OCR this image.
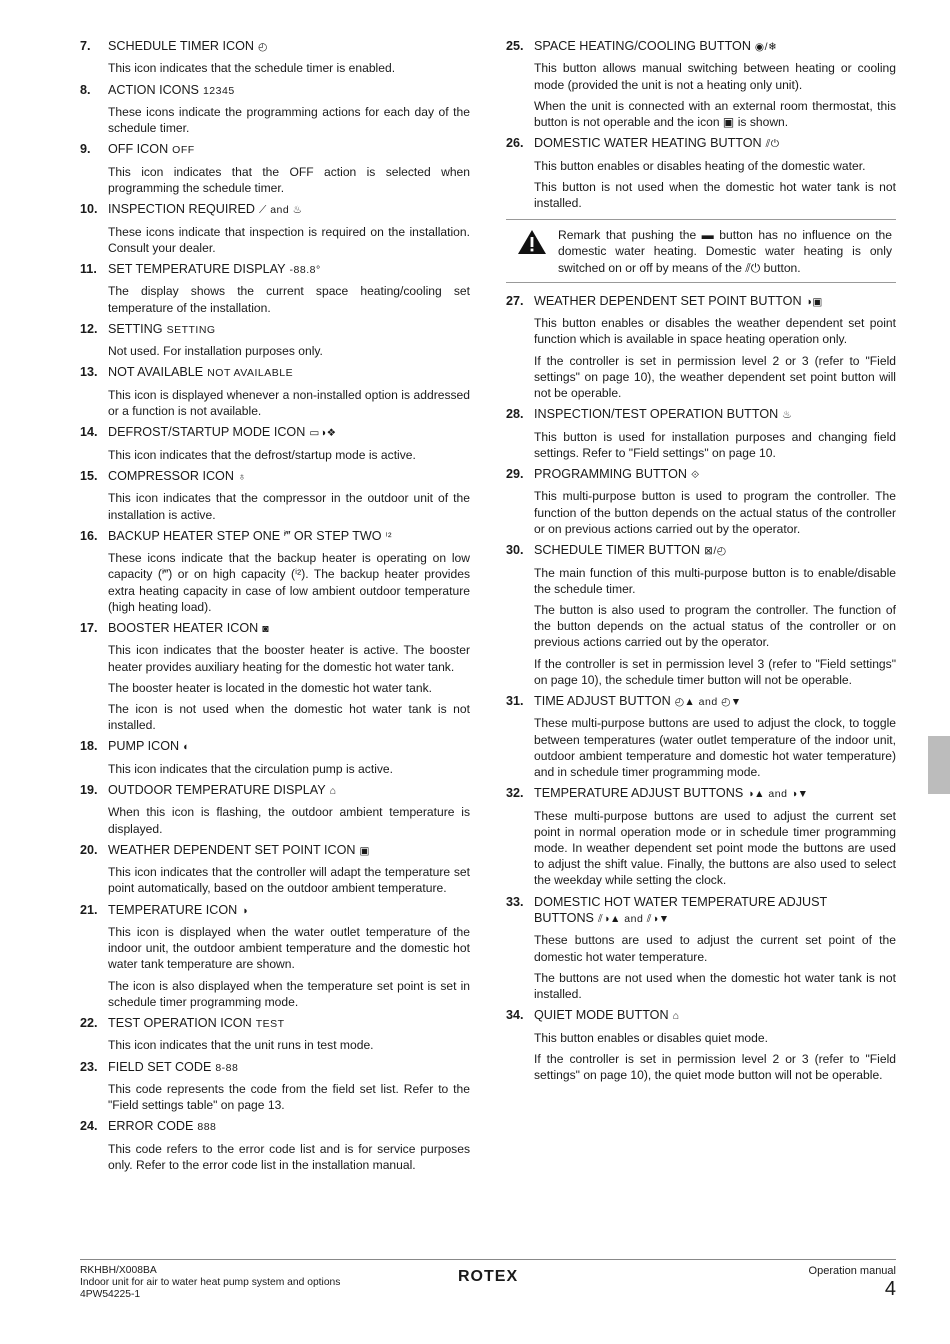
7.	SCHEDULE TIMER ICON ◴

This icon indicates that the schedule timer is enabled.

8.	ACTION ICONS 12345

These icons indicate the programming actions for each day of the schedule timer.

9.	OFF ICON OFF

This icon indicates that the OFF action is selected when programming the schedule timer.

10. INSPECTION REQUIRED ⟋ and ♨

These icons indicate that inspection is required on the installation. Consult your dealer.

11. SET TEMPERATURE DISPLAY -88.8°

The display shows the current space heating/cooling set temperature of the installation.

12. SETTING SETTING

Not used. For installation purposes only.

13. NOT AVAILABLE NOT AVAILABLE

This icon is displayed whenever a non-installed option is addressed or a function is not available.

14. DEFROST/STARTUP MODE ICON ▭◑❖

This icon indicates that the defrost/startup mode is active.

15. COMPRESSOR ICON ♁

This icon indicates that the compressor in the outdoor unit of the installation is active.

16. BACKUP HEATER STEP ONE ⁱ‴ OR STEP TWO ⁱ²

These icons indicate that the backup heater is operating on low capacity (ⁱ‴) or on high capacity (ⁱ²). The backup heater provides extra heating capacity in case of low ambient outdoor temperature (high heating load).

17. BOOSTER HEATER ICON ◙

This icon indicates that the booster heater is active. The booster heater provides auxiliary heating for the domestic hot water tank.

The booster heater is located in the domestic hot water tank.

The icon is not used when the domestic hot water tank is not installed.

18. PUMP ICON ◐

This icon indicates that the circulation pump is active.

19. OUTDOOR TEMPERATURE DISPLAY ⌂

When this icon is flashing, the outdoor ambient temperature is displayed.

20. WEATHER DEPENDENT SET POINT ICON ▣

This icon indicates that the controller will adapt the temperature set point automatically, based on the outdoor ambient temperature.

21. TEMPERATURE ICON ◑

This icon is displayed when the water outlet temperature of the indoor unit, the outdoor ambient temperature and the domestic hot water tank temperature are shown.

The icon is also displayed when the temperature set point is set in schedule timer programming mode.

22. TEST OPERATION ICON TEST

This icon indicates that the unit runs in test mode.

23. FIELD SET CODE 8-88

This code represents the code from the field set list. Refer to the "Field settings table" on page 13.

24. ERROR CODE 888

This code refers to the error code list and is for service purposes only. Refer to the error code list in the installation manual.

25. SPACE HEATING/COOLING BUTTON ◉/❄

This button allows manual switching between heating or cooling mode (provided the unit is not a heating only unit).

When the unit is connected with an external room thermostat, this button is not operable and the icon ▣ is shown.

26. DOMESTIC WATER HEATING BUTTON ⫽⏻

This button enables or disables heating of the domestic water.

This button is not used when the domestic hot water tank is not installed.

Remark that pushing the ▬ button has no influence on the domestic water heating. Domestic water heating is only switched on or off by means of the ⫽⏻ button.
27. WEATHER DEPENDENT SET POINT BUTTON ◑▣

This button enables or disables the weather dependent set point function which is available in space heating operation only.

If the controller is set in permission level 2 or 3 (refer to "Field settings" on page 10), the weather dependent set point button will not be operable.

28. INSPECTION/TEST OPERATION BUTTON ♨

This button is used for installation purposes and changing field settings. Refer to "Field settings" on page 10.

29. PROGRAMMING BUTTON ⟐

This multi-purpose button is used to program the controller. The function of the button depends on the actual status of the controller or on previous actions carried out by the operator.

30. SCHEDULE TIMER BUTTON ⊠/◴

The main function of this multi-purpose button is to enable/disable the schedule timer.

The button is also used to program the controller. The function of the button depends on the actual status of the controller or on previous actions carried out by the operator.

If the controller is set in permission level 3 (refer to "Field settings" on page 10), the schedule timer button will not be operable.

31. TIME ADJUST BUTTON ◴▲ and ◴▼

These multi-purpose buttons are used to adjust the clock, to toggle between temperatures (water outlet temperature of the indoor unit, outdoor ambient temperature and domestic hot water temperature) and in schedule timer programming mode.

32. TEMPERATURE ADJUST BUTTONS ◑▲ and ◑▼

These multi-purpose buttons are used to adjust the current set point in normal operation mode or in schedule timer programming mode. In weather dependent set point mode the buttons are used to adjust the shift value. Finally, the buttons are also used to select the weekday while setting the clock.

33. DOMESTIC HOT WATER TEMPERATURE ADJUST BUTTONS ⫽◑▲ and ⫽◑▼

These buttons are used to adjust the current set point of the domestic hot water temperature.

The buttons are not used when the domestic hot water tank is not installed.

34. QUIET MODE BUTTON ⌂

This button enables or disables quiet mode.

If the controller is set in permission level 2 or 3 (refer to "Field settings" on page 10), the quiet mode button will not be operable.

RKHBH/X008BA
Indoor unit for air to water heat pump system and options
4PW54225-1
ROTEX	Operation manual
4
